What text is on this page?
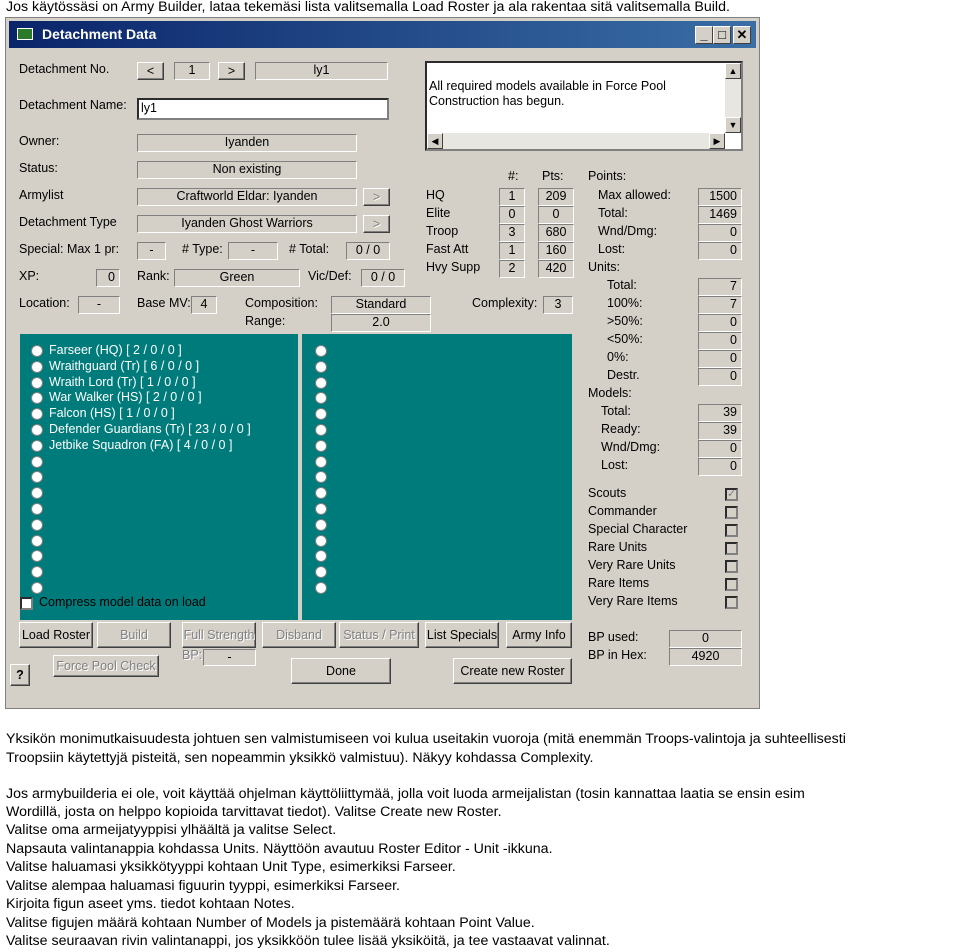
Jos käytössäsi on Army Builder, lataa tekemäsi lista valitsemalla Load Roster ja ala rakentaa sitä valitsemalla Build.
Detachment Data	_ □ ✕
Detachment No.	<	1	>	ly1
Detachment Name:	ly1
Owner:	Iyanden
Status:	Non existing
Armylist	Craftworld Eldar: Iyanden	>
Detachment Type	Iyanden Ghost Warriors	>
Special: Max 1 pr:	-	# Type:	-	# Total:	0 / 0
XP:	0	Rank:	Green	Vic/Def:	0 / 0
Location:	-	Base MV: 4	Composition:	Standard
Range:	2.0
Complexity:	3
All required models available in Force Pool
Construction has begun.
▲
▼
◀	▶
#: Pts:
HQ	1	209
Elite	0	0
Troop	3	680
Fast Att	1	160
Hvy Supp	2	420
Points:
Max allowed:	1500
Total:	1469
Wnd/Dmg:	0
Lost:	0
Units:
Total:	7
100%:	7
>50%:	0
<50%:	0
0%:	0
Destr.	0
Models:
Total:	39
Ready:	39
Wnd/Dmg:	0
Lost:	0
Scouts	✓
Commander
Special Character
Rare Units
Very Rare Units
Rare Items
Very Rare Items
Farseer (HQ) [ 2 / 0 / 0 ]
Wraithguard (Tr) [ 6 / 0 / 0 ]
Wraith Lord (Tr) [ 1 / 0 / 0 ]
War Walker (HS) [ 2 / 0 / 0 ]
Falcon (HS) [ 1 / 0 / 0 ]
Defender Guardians (Tr) [ 23 / 0 / 0 ]
Jetbike Squadron (FA) [ 4 / 0 / 0 ]
Compress model data on load
Load Roster	Build	Full Strength	Disband	Status / Print List Specials	Army Info
Force Pool Check
BP:	-
Done	Create new Roster
?
BP used:	0
BP in Hex:	4920
Yksikön monimutkaisuudesta johtuen sen valmistumiseen voi kulua useitakin vuoroja (mitä enemmän Troops-valintoja ja suhteellisesti
Troopsiin käytettyjä pisteitä, sen nopeammin yksikkö valmistuu). Näkyy kohdassa Complexity.
Jos armybuilderia ei ole, voit käyttää ohjelman käyttöliittymää, jolla voit luoda armeijalistan (tosin kannattaa laatia se ensin esim
Wordillä, josta on helppo kopioida tarvittavat tiedot). Valitse Create new Roster.
Valitse oma armeijatyyppisi ylhäältä ja valitse Select.
Napsauta valintanappia kohdassa Units. Näyttöön avautuu Roster Editor - Unit -ikkuna.
Valitse haluamasi yksikkötyyppi kohtaan Unit Type, esimerkiksi Farseer.
Valitse alempaa haluamasi figuurin tyyppi, esimerkiksi Farseer.
Kirjoita figun aseet yms. tiedot kohtaan Notes.
Valitse figujen määrä kohtaan Number of Models ja pistemäärä kohtaan Point Value.
Valitse seuraavan rivin valintanappi, jos yksikköön tulee lisää yksiköitä, ja tee vastaavat valinnat.
